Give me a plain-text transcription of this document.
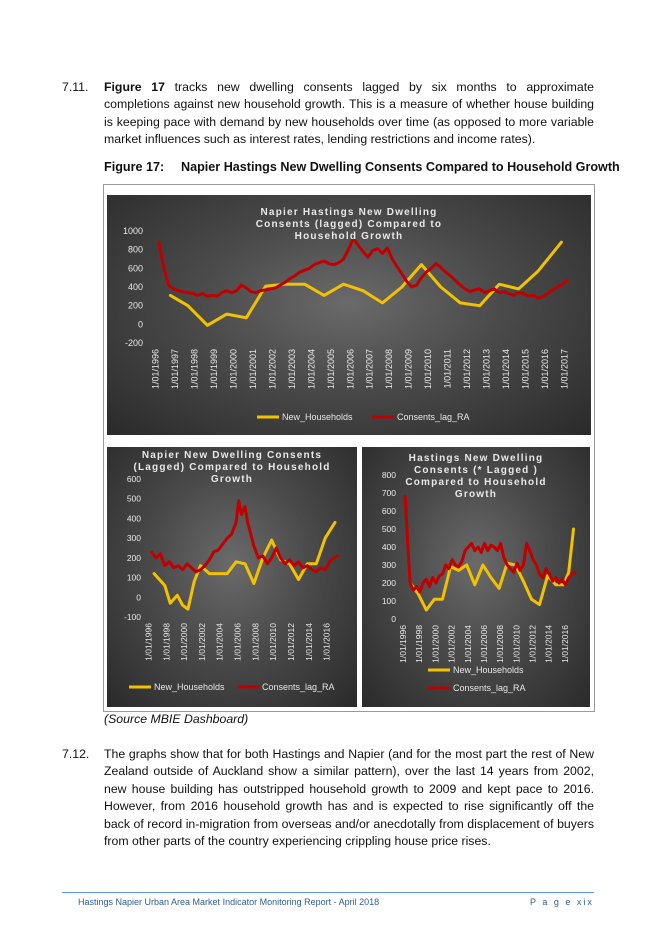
7.11. Figure 17 tracks new dwelling consents lagged by six months to approximate completions against new household growth. This is a measure of whether house building is keeping pace with demand by new households over time (as opposed to more variable market influences such as interest rates, lending restrictions and income rates).
Figure 17: Napier Hastings New Dwelling Consents Compared to Household Growth
-200
0
200
400
600
800
1000
1/01/1996 1/01/1997 1/01/1998 1/01/1999 1/01/2000 1/01/2001 1/01/2002 1/01/2003 1/01/2004 1/01/2005 1/01/2006 1/01/2007 1/01/2008 1/01/2009 1/01/2010 1/01/2011 1/01/2012 1/01/2013 1/01/2014 1/01/2015 1/01/2016 1/01/2017
New_Households	Consents_lag_RA
Napier Hastings New Dwelling Consents (lagged) Compared to Household Growth
-100
0
100
200
300
400
500
600
1/01/1996 1/01/1998 1/01/2000 1/01/2002 1/01/2004 1/01/2006 1/01/2008 1/01/2010 1/01/2012 1/01/2014 1/01/2016
New_Households	Consents_lag_RA
Napier New Dwelling Consents (Lagged) Compared to Household Growth
0
100
200
300
400
500
600
700
800
1/01/1996 1/01/1998 1/01/2000 1/01/2002 1/01/2004 1/01/2006 1/01/2008 1/01/2010 1/01/2012 1/01/2014 1/01/2016
New_Households
Consents_lag_RA
Hastings New Dwelling Consents (* Lagged ) Compared to Household Growth
(Source MBIE Dashboard)
7.12. The graphs show that for both Hastings and Napier (and for the most part the rest of New Zealand outside of Auckland show a similar pattern), over the last 14 years from 2002, new house building has outstripped household growth to 2009 and kept pace to 2016. However, from 2016 household growth has and is expected to rise significantly off the back of record in-migration from overseas and/or anecdotally from displacement of buyers from other parts of the country experiencing crippling house price rises.
Hastings Napier Urban Area Market Indicator Monitoring Report - April 2018	P a g e xix
